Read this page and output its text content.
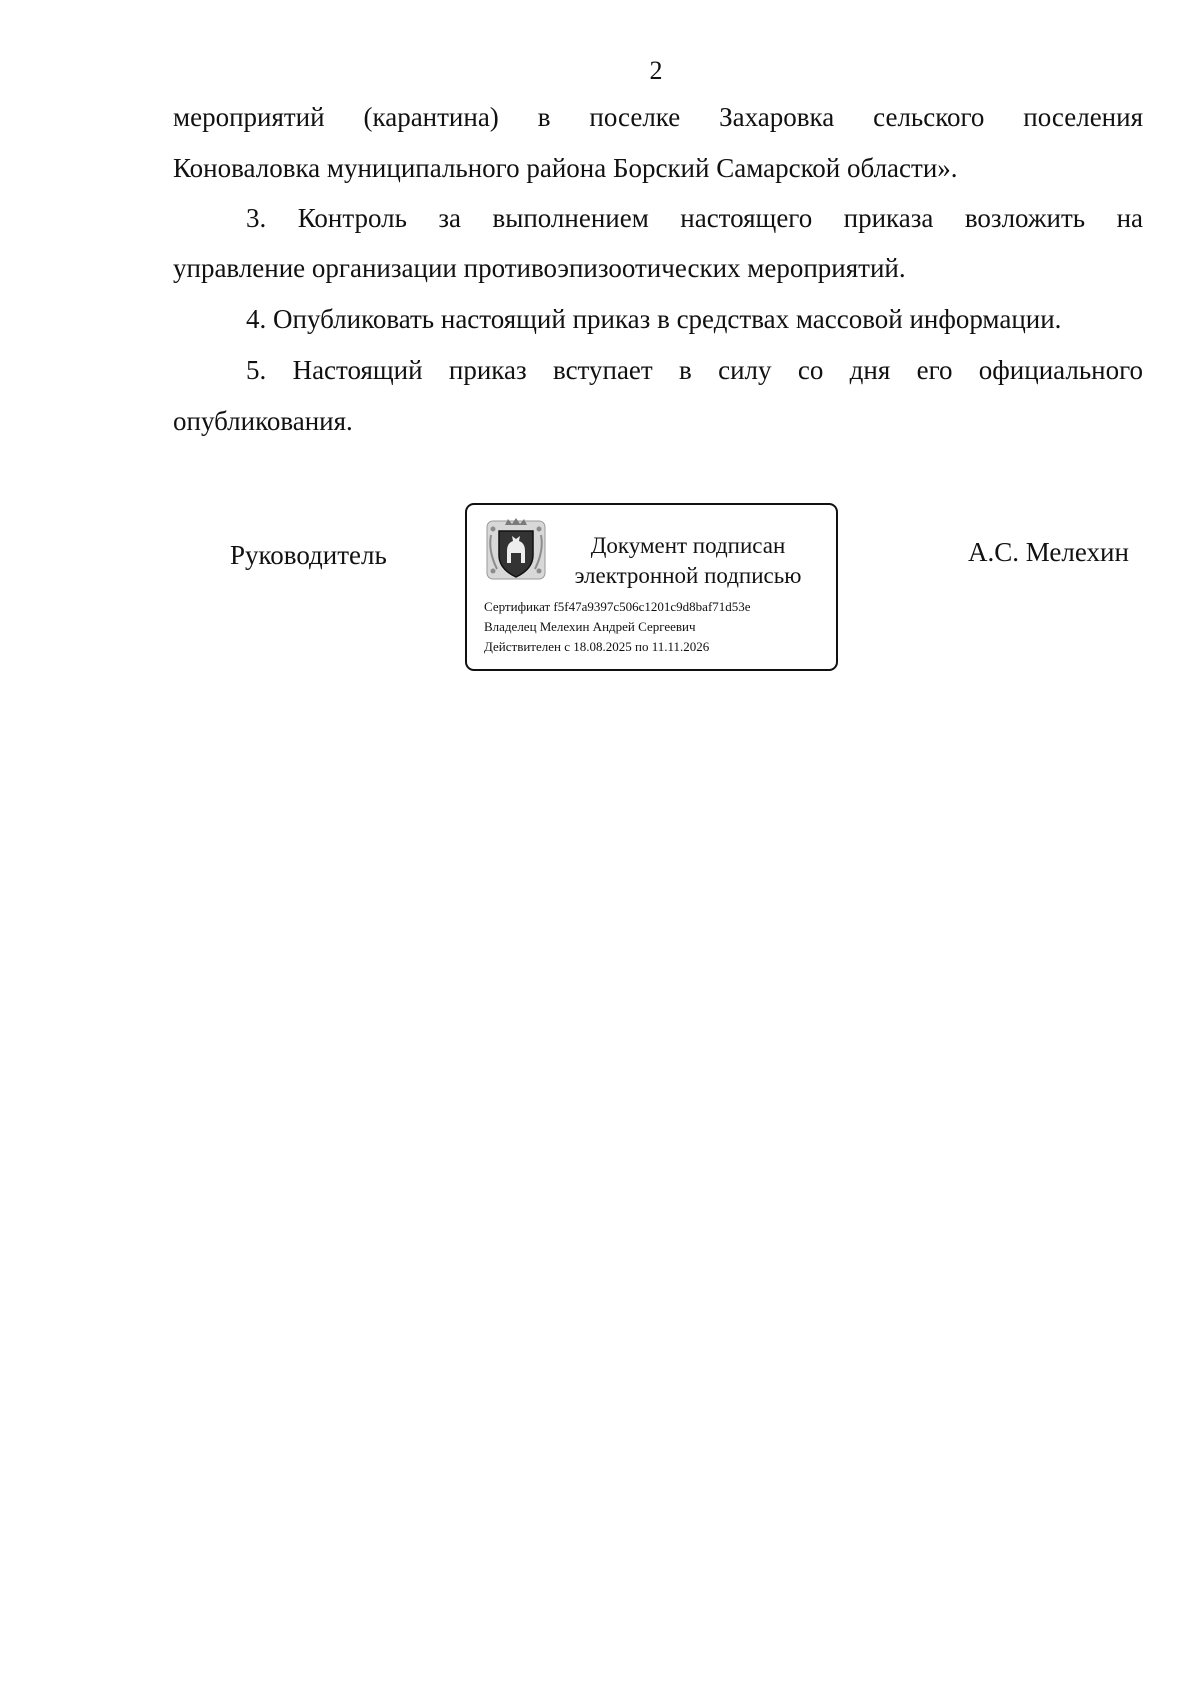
2
мероприятий (карантина) в поселке Захаровка сельского поселения
Коноваловка муниципального района Борский Самарской области».
3. Контроль за выполнением настоящего приказа возложить на
управление организации противоэпизоотических мероприятий.
4. Опубликовать настоящий приказ в средствах массовой информации.
5. Настоящий приказ вступает в силу со дня его официального
опубликования.
Руководитель	Документ подписан
электронной подписью
Сертификат f5f47a9397c506c1201c9d8baf71d53e
Владелец Мелехин Андрей Сергеевич
Действителен с 18.08.2025 по 11.11.2026
А.С. Мелехин
